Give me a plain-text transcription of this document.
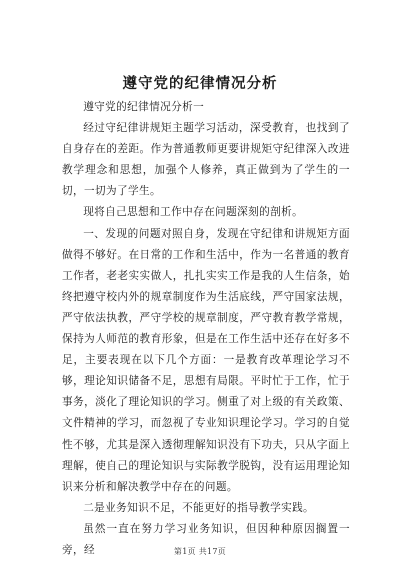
遵守党的纪律情况分析

遵守党的纪律情况分析一

经过守纪律讲规矩主题学习活动，深受教育，也找到了自身存在的差距。作为普通教师更要讲规矩守纪律深入改进教学理念和思想，加强个人修养，真正做到为了学生的一切，一切为了学生。

现将自己思想和工作中存在问题深刻的剖析。

一、发现的问题对照自身，发现在守纪律和讲规矩方面做得不够好。在日常的工作和生活中，作为一名普通的教育工作者，老老实实做人，扎扎实实工作是我的人生信条，始终把遵守校内外的规章制度作为生活底线，严守国家法规，严守依法执教，严守学校的规章制度，严守教育教学常规，保持为人师范的教育形象，但是在工作生活中还存在好多不足，主要表现在以下几个方面：一是教育改革理论学习不够，理论知识储备不足，思想有局限。平时忙于工作，忙于事务，淡化了理论知识的学习。侧重了对上级的有关政策、文件精神的学习，而忽视了专业知识理论学习。学习的自觉性不够，尤其是深入透彻理解知识没有下功夫，只从字面上理解，使自己的理论知识与实际教学脱钩，没有运用理论知识来分析和解决教学中存在的问题。

二是业务知识不足，不能更好的指导教学实践。

虽然一直在努力学习业务知识，但因种种原因搁置一旁，经	第1页 共17页
